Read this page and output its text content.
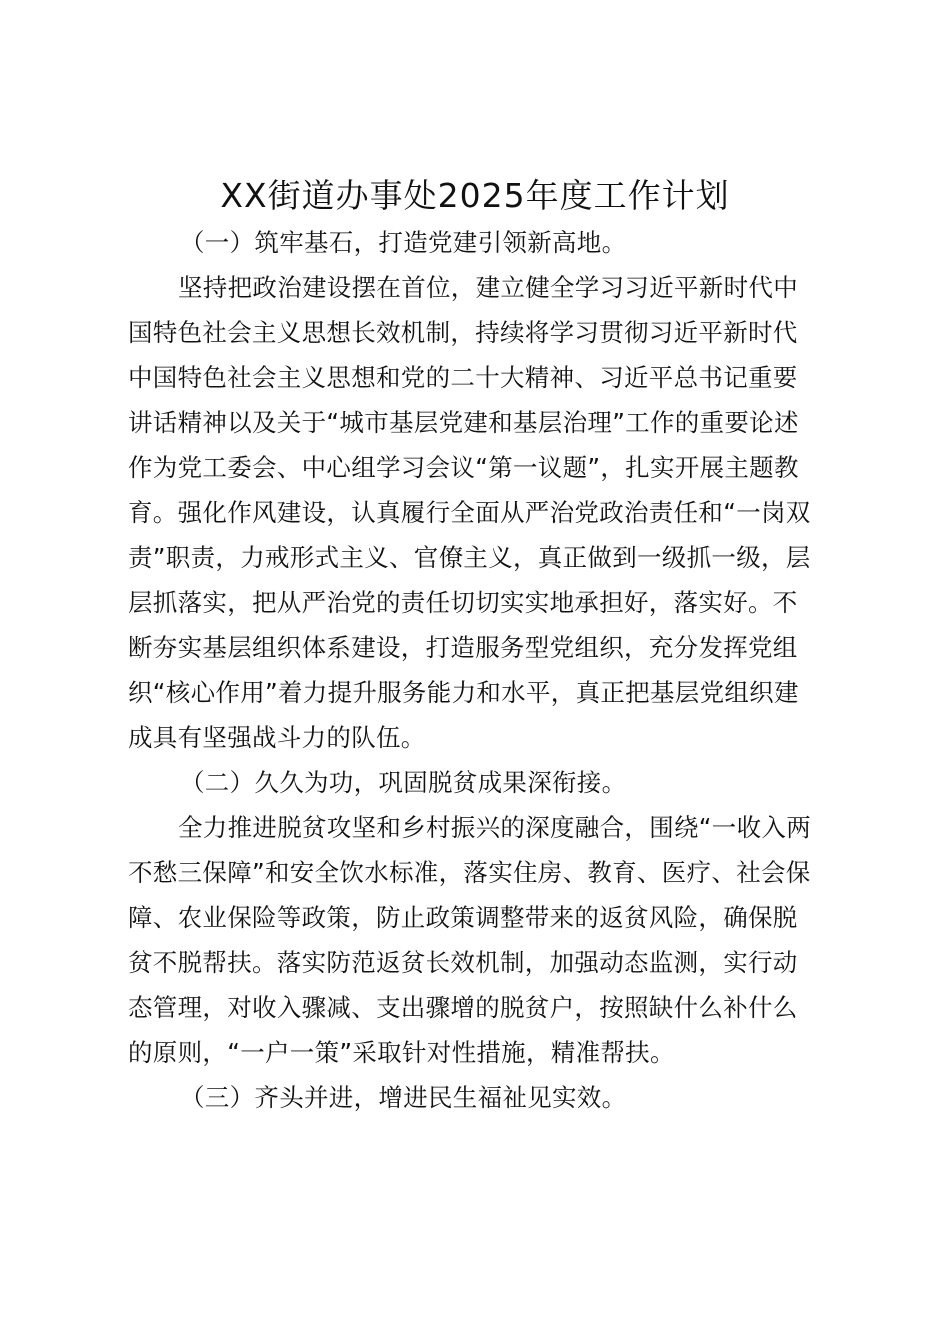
XX街道办事处2025年度工作计划
（一）筑牢基石，打造党建引领新高地。
坚持把政治建设摆在首位，建立健全学习习近平新时代中
国特色社会主义思想长效机制，持续将学习贯彻习近平新时代
中国特色社会主义思想和党的二十大精神、习近平总书记重要
讲话精神以及关于“城市基层党建和基层治理”工作的重要论述
作为党工委会、中心组学习会议“第一议题”，扎实开展主题教
育。强化作风建设，认真履行全面从严治党政治责任和“一岗双
责”职责，力戒形式主义、官僚主义，真正做到一级抓一级，层
层抓落实，把从严治党的责任切切实实地承担好，落实好。不
断夯实基层组织体系建设，打造服务型党组织，充分发挥党组
织“核心作用”着力提升服务能力和水平，真正把基层党组织建
成具有坚强战斗力的队伍。
（二）久久为功，巩固脱贫成果深衔接。
全力推进脱贫攻坚和乡村振兴的深度融合，围绕“一收入两
不愁三保障”和安全饮水标准，落实住房、教育、医疗、社会保
障、农业保险等政策，防止政策调整带来的返贫风险，确保脱
贫不脱帮扶。落实防范返贫长效机制，加强动态监测，实行动
态管理，对收入骤减、支出骤增的脱贫户，按照缺什么补什么
的原则，“一户一策”采取针对性措施，精准帮扶。
（三）齐头并进，增进民生福祉见实效。
